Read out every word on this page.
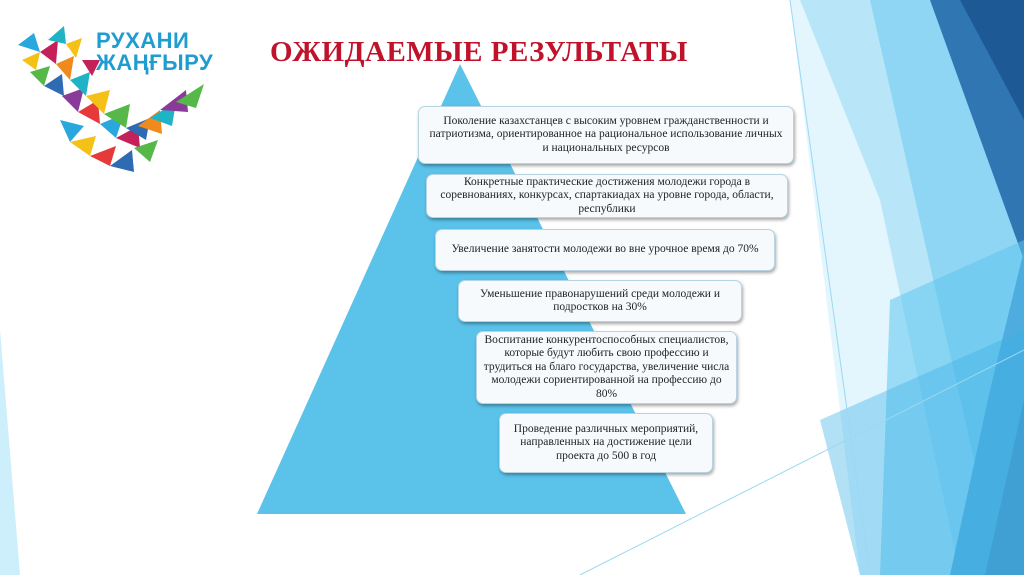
РУХАНИ
ЖАҢҒЫРУ ОЖИДАЕМЫЕ РЕЗУЛЬТАТЫ
Поколение казахстанцев с высоким уровнем гражданственности и патриотизма, ориентированное на рациональное использование личных и национальных ресурсов
Конкретные практические достижения молодежи города в соревнованиях, конкурсах, спартакиадах на уровне города, области, республики
Увеличение занятости молодежи во вне урочное время до 70%
Уменьшение правонарушений среди молодежи и подростков на 30%
Воспитание конкурентоспособных специалистов, которые будут любить свою профессию и трудиться на благо государства, увеличение числа молодежи сориентированной на профессию до 80%
Проведение различных мероприятий, направленных на достижение цели проекта до 500 в год
